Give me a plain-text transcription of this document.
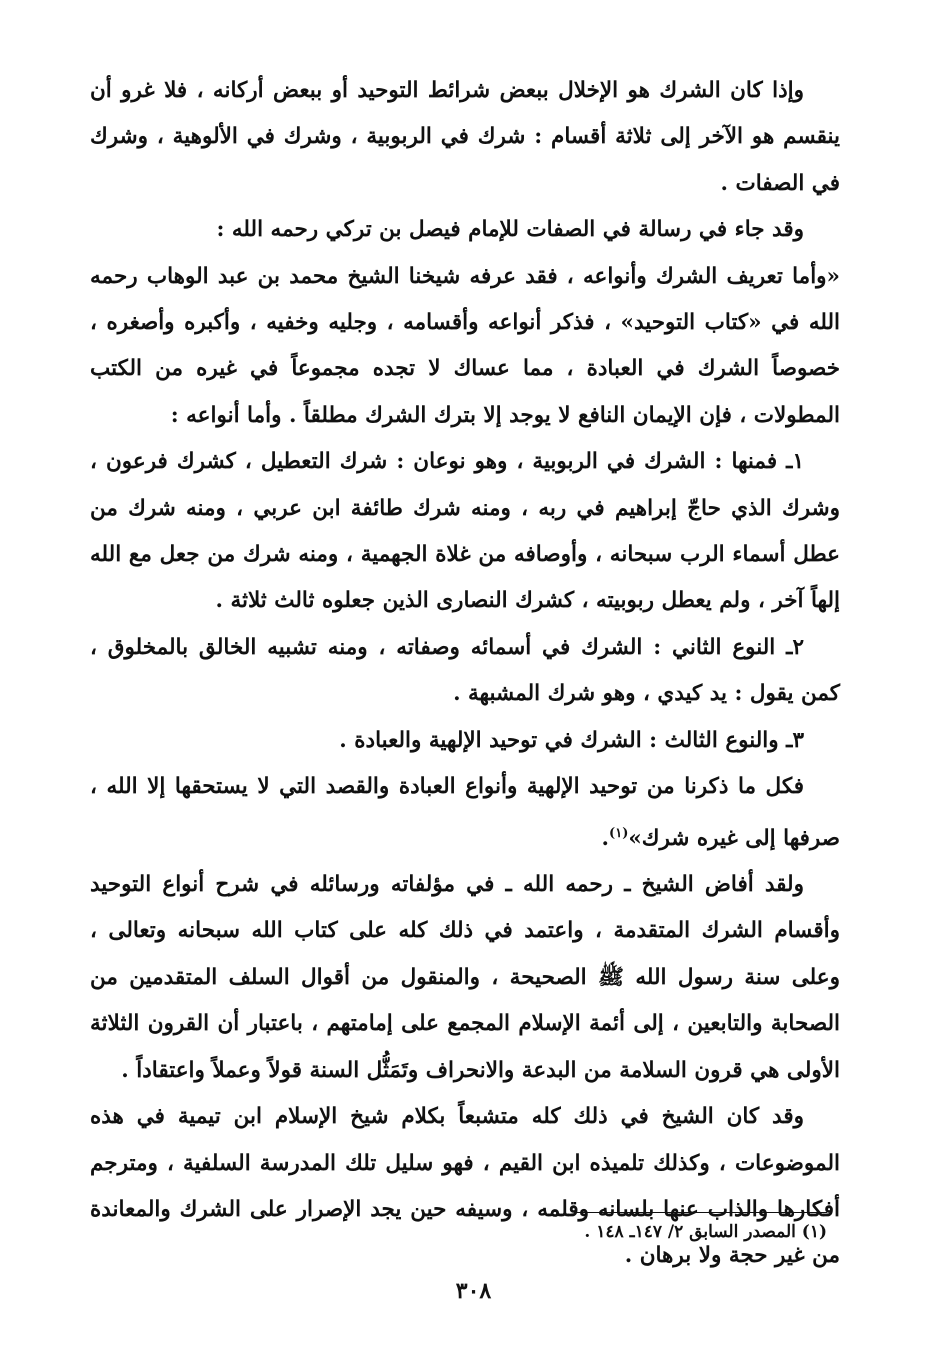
وإذا كان الشرك هو الإخلال ببعض شرائط التوحيد أو ببعض أركانه ، فلا غرو أن ينقسم هو الآخر إلى ثلاثة أقسام : شرك في الربوبية ، وشرك في الألوهية ، وشرك في الصفات .

وقد جاء في رسالة في الصفات للإمام فيصل بن تركي رحمه الله :

«وأما تعريف الشرك وأنواعه ، فقد عرفه شيخنا الشيخ محمد بن عبد الوهاب رحمه الله في «كتاب التوحيد» ، فذكر أنواعه وأقسامه ، وجليه وخفيه ، وأكبره وأصغره ، خصوصاً الشرك في العبادة ، مما عساك لا تجده مجموعاً في غيره من الكتب المطولات ، فإن الإيمان النافع لا يوجد إلا بترك الشرك مطلقاً . وأما أنواعه :

١ـ فمنها : الشرك في الربوبية ، وهو نوعان : شرك التعطيل ، كشرك فرعون ، وشرك الذي حاجّ إبراهيم في ربه ، ومنه شرك طائفة ابن عربي ، ومنه شرك من عطل أسماء الرب سبحانه ، وأوصافه من غلاة الجهمية ، ومنه شرك من جعل مع الله إلهاً آخر ، ولم يعطل ربوبيته ، كشرك النصارى الذين جعلوه ثالث ثلاثة .

٢ـ النوع الثاني : الشرك في أسمائه وصفاته ، ومنه تشبيه الخالق بالمخلوق ، كمن يقول : يد كيدي ، وهو شرك المشبهة .

٣ـ والنوع الثالث : الشرك في توحيد الإلهية والعبادة .

فكل ما ذكرنا من توحيد الإلهية وأنواع العبادة والقصد التي لا يستحقها إلا الله ، صرفها إلى غيره شرك»$^{(١)}$.

ولقد أفاض الشيخ ـ رحمه الله ـ في مؤلفاته ورسائله في شرح أنواع التوحيد وأقسام الشرك المتقدمة ، واعتمد في ذلك كله على كتاب الله سبحانه وتعالى ، وعلى سنة رسول الله ﷺ الصحيحة ، والمنقول من أقوال السلف المتقدمين من الصحابة والتابعين ، إلى أئمة الإسلام المجمع على إمامتهم ، باعتبار أن القرون الثلاثة الأولى هي قرون السلامة من البدعة والانحراف وتَمَثُّل السنة قولاً وعملاً واعتقاداً .

وقد كان الشيخ في ذلك كله متشبعاً بكلام شيخ الإسلام ابن تيمية في هذه الموضوعات ، وكذلك تلميذه ابن القيم ، فهو سليل تلك المدرسة السلفية ، ومترجم أفكارها والذاب عنها بلسانه وقلمه ، وسيفه حين يجد الإصرار على الشرك والمعاندة من غير حجة ولا برهان .

(١) المصدر السابق ٢/ ١٤٧ـ ١٤٨ .
٣٠٨
